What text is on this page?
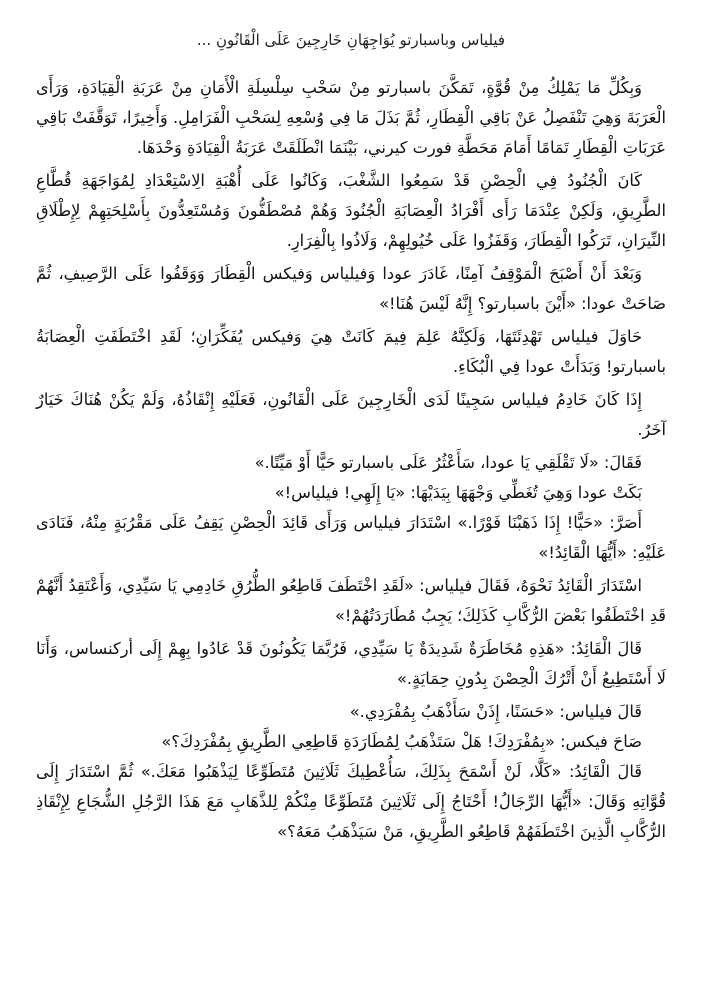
فيلياس وباسبارتو يُوَاجِهَانِ خَارِجِينَ عَلَى الْقَانُونِ ...

وَبِكُلِّ مَا يَمْلِكُ مِنْ قُوَّةٍ، تَمَكَّنَ باسبارتو مِنْ سَحْبِ سِلْسِلَةِ الْأَمَانِ مِنْ عَرَبَةِ الْقِيَادَةِ، وَرَأَى الْعَرَبَةَ وَهِيَ تَنْفَصِلُ عَنْ بَاقِي الْقِطَارِ، ثُمَّ بَذَلَ مَا فِي وُسْعِهِ لِسَحْبِ الْفَرَامِلِ. وَأَخِيرًا، تَوَقَّفَتْ بَاقِي عَرَبَاتِ الْقِطَارِ تَمَامًا أَمَامَ مَحَطَّةِ فورت كيرني، بَيْنَمَا انْطَلَقَتْ عَرَبَةُ الْقِيَادَةِ وَحْدَهَا.

كَانَ الْجُنُودُ فِي الْحِصْنِ قَدْ سَمِعُوا الشَّغْبَ، وَكَانُوا عَلَى أُهْبَةِ الِاسْتِعْدَادِ لِمُوَاجَهَةِ قُطَّاعِ الطَّرِيقِ، وَلَكِنْ عِنْدَمَا رَأَى أَفْرَادُ الْعِصَابَةِ الْجُنُودَ وَهُمْ مُصْطَفُّونَ وَمُسْتَعِدُّونَ بِأَسْلِحَتِهِمْ لِإِطْلَاقِ النِّيرَانِ، تَرَكُوا الْقِطَارَ، وَقَفَزُوا عَلَى خُيُولِهِمْ، وَلَاذُوا بِالْفِرَارِ.

وَبَعْدَ أَنْ أَصْبَحَ الْمَوْقِفُ آمِنًا، غَادَرَ عودا وَفيلياس وَفيكس الْقِطَارَ وَوَقَفُوا عَلَى الرَّصِيفِ، ثُمَّ صَاحَتْ عودا: «أَيْنَ باسبارتو؟ إِنَّهُ لَيْسَ هُنَا!»

حَاوَلَ فيلياس تَهْدِئَتَهَا، وَلَكِنَّهُ عَلِمَ فِيمَ كَانَتْ هِيَ وَفيكس يُفَكِّرَانِ؛ لَقَدِ اخْتَطَفَتِ الْعِصَابَةُ باسبارتو! وَبَدَأَتْ عودا فِي الْبُكَاءِ.

إِذَا كَانَ خَادِمُ فيلياس سَجِينًا لَدَى الْخَارِجِينَ عَلَى الْقَانُونِ، فَعَلَيْهِ إِنْقَاذُهُ، وَلَمْ يَكُنْ هُنَاكَ خَيَارٌ آخَرُ.

فَقَالَ: «لَا تَقْلَقِي يَا عودا، سَأَعْثُرُ عَلَى باسبارتو حَيًّا أَوْ مَيِّتًا.»

بَكَتْ عودا وَهِيَ تُغَطِّي وَجْهَهَا بِيَدَيْهَا: «يَا إِلَهِي! فيلياس!»

أَصَرَّ: «حَيًّا! إِذَا ذَهَبْنَا فَوْرًا.» اسْتَدَارَ فيلياس وَرَأَى قَائِدَ الْحِصْنِ يَقِفُ عَلَى مَقْرُبَةٍ مِنْهُ، فَنَادَى عَلَيْهِ: «أَيُّهَا الْقَائِدُ!»

اسْتَدَارَ الْقَائِدُ نَحْوَهُ، فَقَالَ فيلياس: «لَقَدِ اخْتَطَفَ قَاطِعُو الطُّرُقِ خَادِمِي يَا سَيِّدِي، وَأَعْتَقِدُ أَنَّهُمْ قَدِ اخْتَطَفُوا بَعْضَ الرُّكَّابِ كَذَلِكَ؛ يَجِبُ مُطَارَدَتُهُمْ!»

قَالَ الْقَائِدُ: «هَذِهِ مُخَاطَرَةٌ شَدِيدَةٌ يَا سَيِّدِي، فَرُبَّمَا يَكُونُونَ قَدْ عَادُوا بِهِمْ إِلَى أركنساس، وَأَنَا لَا أَسْتَطِيعُ أَنْ أَتْرُكَ الْحِصْنَ بِدُونِ حِمَايَةٍ.»

قَالَ فيلياس: «حَسَنًا، إِذَنْ سَأَذْهَبُ بِمُفْرَدِي.»

صَاحَ فيكس: «بِمُفْرَدِكَ! هَلْ سَتَذْهَبُ لِمُطَارَدَةِ قَاطِعِي الطَّرِيقِ بِمُفْرَدِكَ؟»

قَالَ الْقَائِدُ: «كَلَّا، لَنْ أَسْمَحَ بِذَلِكَ، سَأُعْطِيكَ ثَلَاثِينَ مُتَطَوِّعًا لِيَذْهَبُوا مَعَكَ.» ثُمَّ اسْتَدَارَ إِلَى قُوَّاتِهِ وَقَالَ: «أَيُّهَا الرِّجَالُ! أَحْتَاجُ إِلَى ثَلَاثِينَ مُتَطَوِّعًا مِنْكُمْ لِلذَّهَابِ مَعَ هَذَا الرَّجُلِ الشُّجَاعِ لِإِنْقَاذِ الرُّكَّابِ الَّذِينَ اخْتَطَفَهُمْ قَاطِعُو الطَّرِيقِ، مَنْ سَيَذْهَبُ مَعَهُ؟»
